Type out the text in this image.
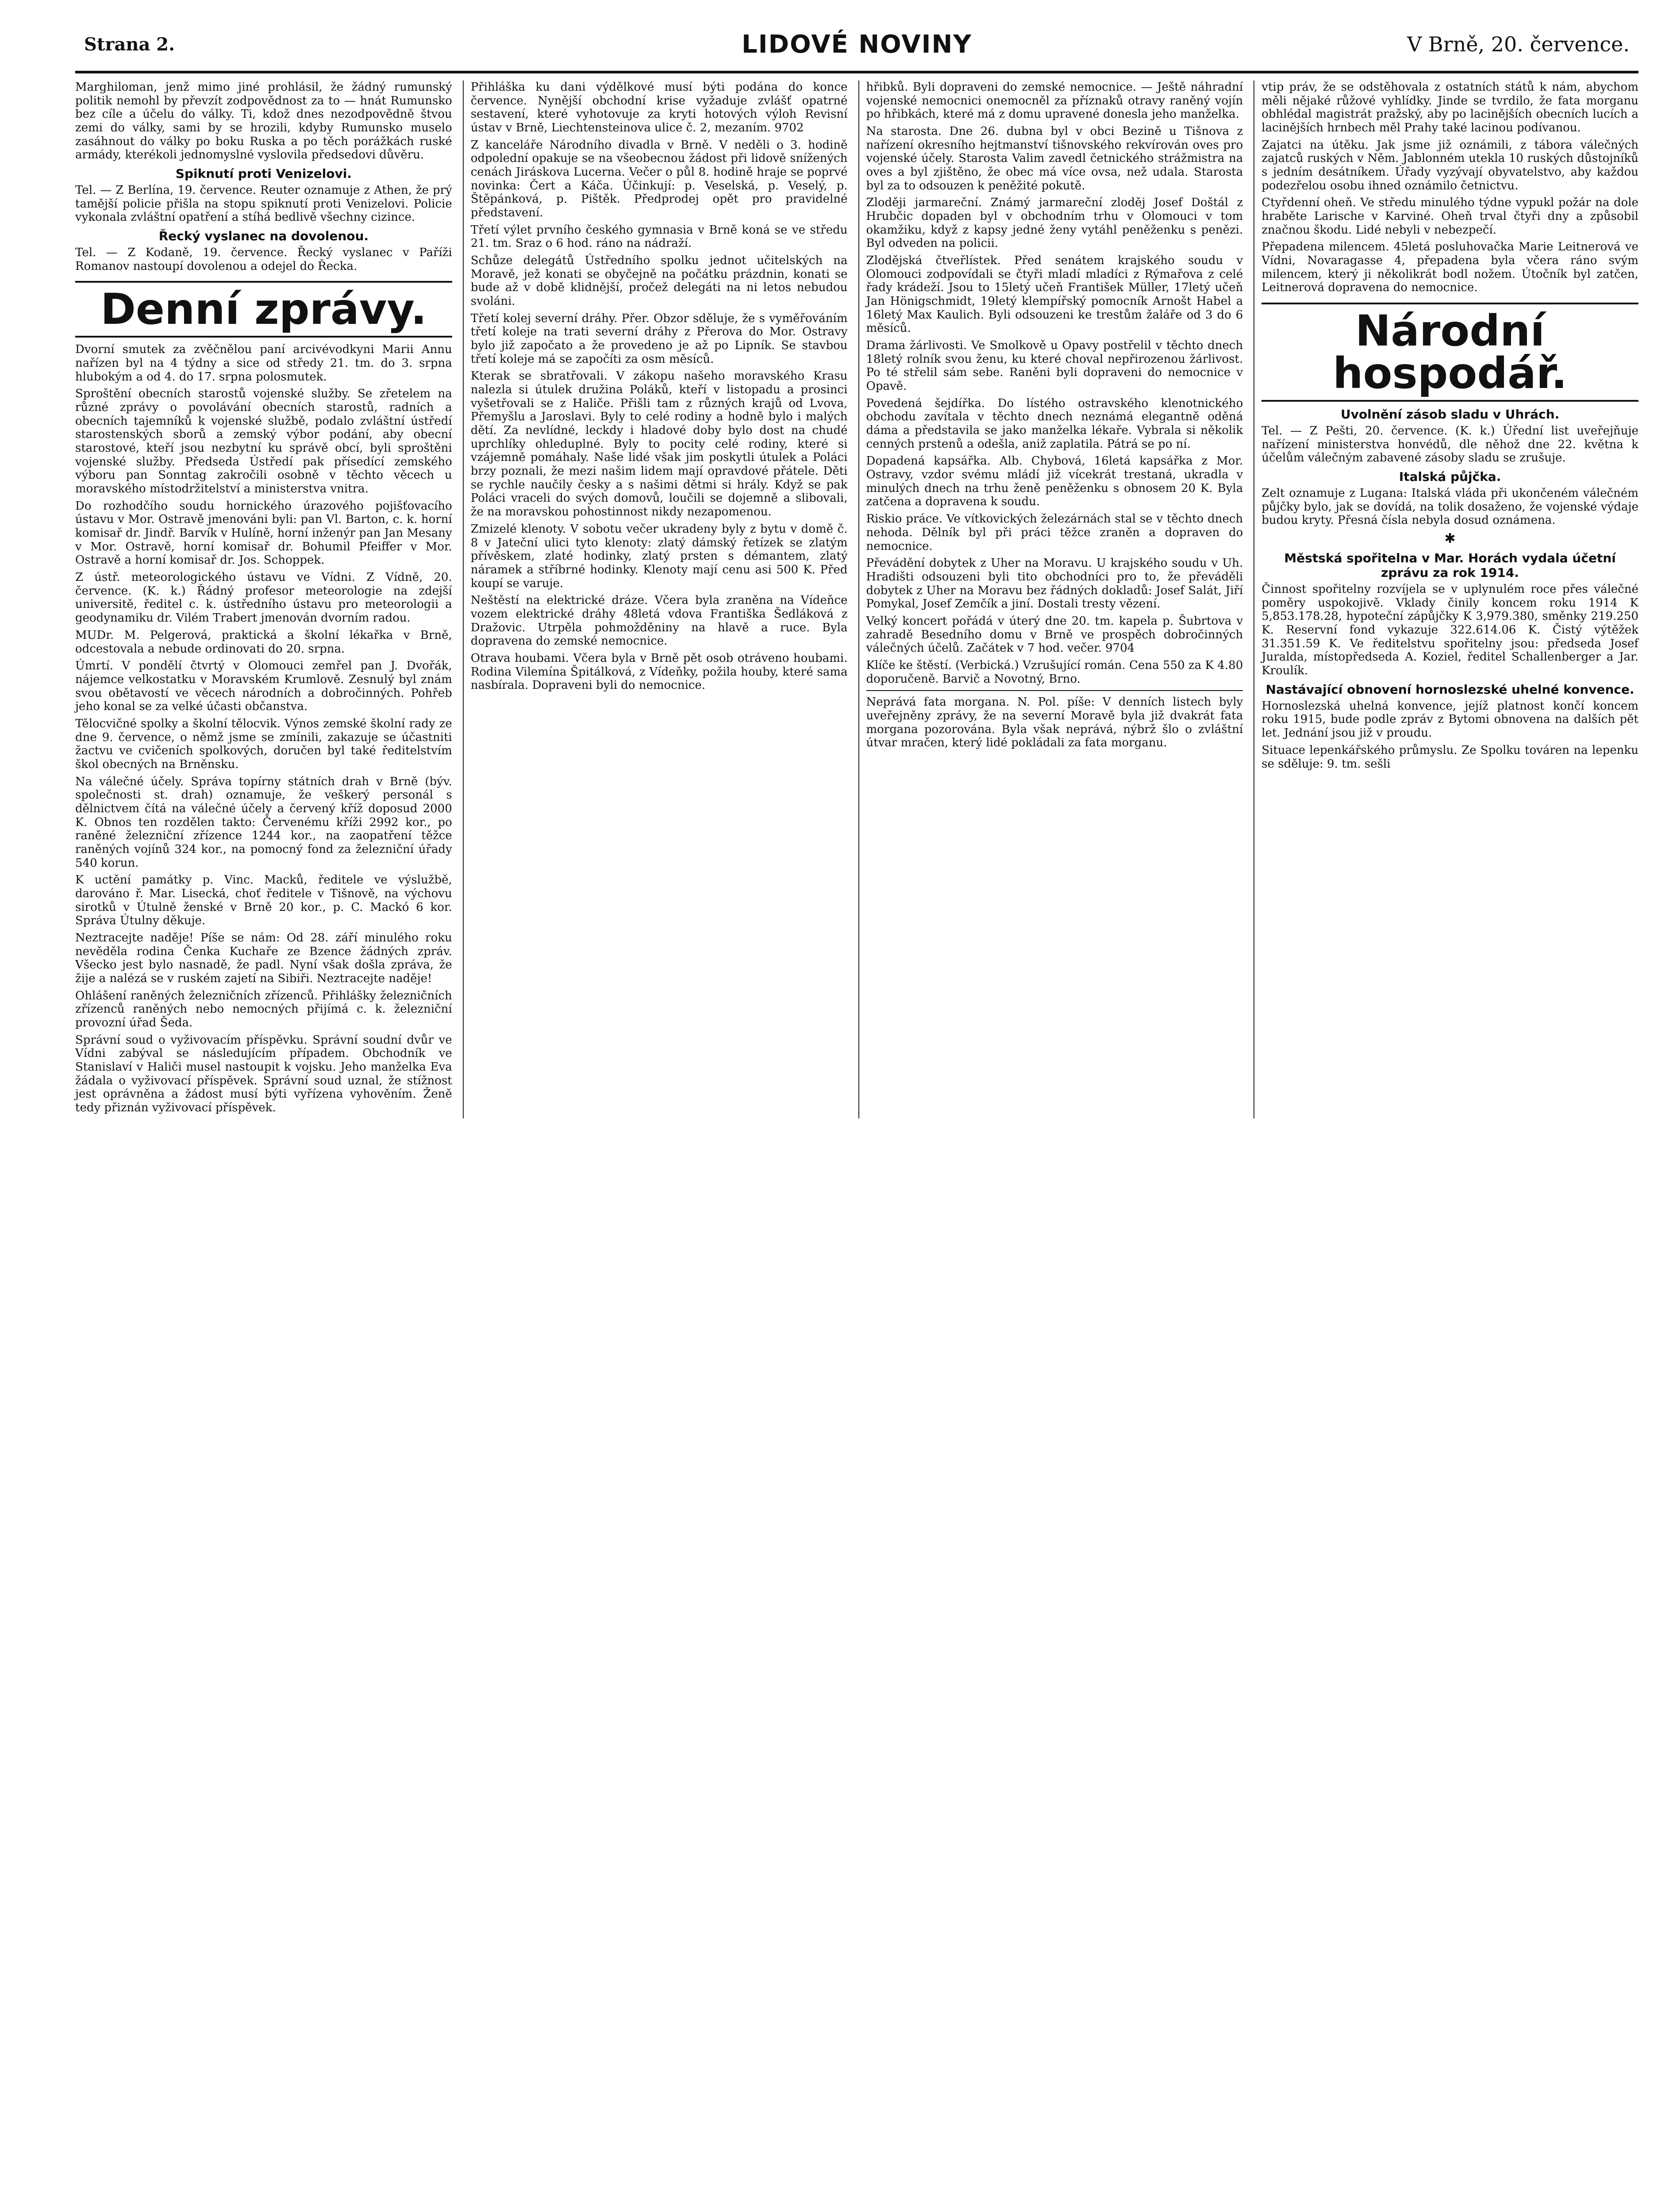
Strana 2.	LIDOVÉ NOVINY	V Brně, 20. července.

Marghiloman, jenž mimo jiné prohlásil, že žádný rumunský politik nemohl by převzít zodpovědnost za to — hnát Rumunsko bez cíle a účelu do války. Ti, kdož dnes nezodpovědně štvou zemi do války, sami by se hrozili, kdyby Rumunsko muselo zasáhnout do války po boku Ruska a po těch porážkách ruské armády, kterékoli jednomyslné vyslovila předsedovi důvěru.

Spiknutí proti Venizelovi.

Tel. — Z Berlína, 19. července. Reuter oznamuje z Athen, že prý tamější policie přišla na stopu spiknutí proti Venizelovi. Policie vykonala zvláštní opatření a stíhá bedlivě všechny cizince.

Řecký vyslanec na dovolenou.

Tel. — Z Kodaně, 19. července. Řecký vyslanec v Paříži Romanov nastoupí dovolenou a odejel do Řecka.

Denní zprávy.

Dvorní smutek za zvěčnělou paní arcivévodkyni Marii Annu nařízen byl na 4 týdny a sice od středy 21. tm. do 3. srpna hlubokým a od 4. do 17. srpna polosmutek.

Sproštění obecních starostů vojenské služby. Se zřetelem na různé zprávy o povolávání obecních starostů, radních a obecních tajemníků k vojenské službě, podalo zvláštní ústředí starostenských sborů a zemský výbor podání, aby obecní starostové, kteří jsou nezbytní ku správě obcí, byli sproštěni vojenské služby. Předseda Ústředí pak přísedící zemského výboru pan Sonntag zakročili osobně v těchto věcech u moravského místodržitelství a ministerstva vnitra.

Do rozhodčího soudu hornického úrazového pojišťovacího ústavu v Mor. Ostravě jmenováni byli: pan Vl. Barton, c. k. horní komisař dr. Jindř. Barvík v Hulíně, horní inženýr pan Jan Mesany v Mor. Ostravě, horní komisař dr. Bohumil Pfeiffer v Mor. Ostravě a horní komisař dr. Jos. Schoppek.

Z ústř. meteorologického ústavu ve Vídni. Z Vídně, 20. července. (K. k.) Řádný profesor meteorologie na zdejší universitě, ředitel c. k. ústředního ústavu pro meteorologii a geodynamiku dr. Vilém Trabert jmenován dvorním radou.

MUDr. M. Pelgerová, praktická a školní lékařka v Brně, odcestovala a nebude ordinovati do 20. srpna.

Úmrtí. V pondělí čtvrtý v Olomouci zemřel pan J. Dvořák, nájemce velkostatku v Moravském Krumlově. Zesnulý byl znám svou obětavostí ve věcech národních a dobročinných. Pohřeb jeho konal se za velké účasti občanstva.

Tělocvičné spolky a školní tělocvik. Výnos zemské školní rady ze dne 9. července, o němž jsme se zmínili, zakazuje se účastniti žactvu ve cvičeních spolkových, doručen byl také ředitelstvím škol obecných na Brněnsku.

Na válečné účely. Správa topírny státních drah v Brně (býv. společnosti st. drah) oznamuje, že veškerý personál s dělnictvem čítá na válečné účely a červený kříž doposud 2000 K. Obnos ten rozdělen takto: Červenému kříži 2992 kor., po raněné železniční zřízence 1244 kor., na zaopatření těžce raněných vojínů 324 kor., na pomocný fond za železniční úřady 540 korun.

K uctění památky p. Vinc. Macků, ředitele ve výslužbě, darováno ř. Mar. Lisecká, choť ředitele v Tišnově, na výchovu sirotků v Útulně ženské v Brně 20 kor., p. C. Mackó 6 kor. Správa Útulny děkuje.

Neztracejte naděje! Píše se nám: Od 28. září minulého roku nevěděla rodina Čenka Kuchaře ze Bzence žádných zpráv. Všecko jest bylo nasnadě, že padl. Nyní však došla zpráva, že žije a nalézá se v ruském zajetí na Sibiři. Neztracejte naděje!

Ohlášení raněných železničních zřízenců. Přihlášky železničních zřízenců raněných nebo nemocných přijímá c. k. železniční provozní úřad Šeda.

Správní soud o vyživovacím příspěvku. Správní soudní dvůr ve Vídni zabýval se následujícím případem. Obchodník ve Stanislaví v Haliči musel nastoupit k vojsku. Jeho manželka Eva žádala o vyživovací příspěvek. Správní soud uznal, že stížnost jest oprávněna a žádost musí býti vyřízena vyhověním. Ženě tedy přiznán vyživovací příspěvek.

Přihláška ku dani výdělkové musí býti podána do konce července. Nynější obchodní krise vyžaduje zvlášť opatrné sestavení, které vyhotovuje za kryti hotových výloh Revisní ústav v Brně, Liechtensteinova ulice č. 2, mezaním. 9702

Z kanceláře Národního divadla v Brně. V neděli o 3. hodině odpolední opakuje se na všeobecnou žádost při lidově snížených cenách Jiráskova Lucerna. Večer o půl 8. hodině hraje se poprvé novinka: Čert a Káča. Účinkují: p. Veselská, p. Veselý, p. Štěpánková, p. Pištěk. Předprodej opět pro pravidelné představení.

Třetí výlet prvního českého gymnasia v Brně koná se ve středu 21. tm. Sraz o 6 hod. ráno na nádraží.

Schůze delegátů Ústředního spolku jednot učitelských na Moravě, jež konati se obyčejně na počátku prázdnin, konati se bude až v době klidnější, pročež delegáti na ni letos nebudou svoláni.

Třetí kolej severní dráhy. Přer. Obzor sděluje, že s vyměřováním třetí koleje na trati severní dráhy z Přerova do Mor. Ostravy bylo již započato a že provedeno je až po Lipník. Se stavbou třetí koleje má se započíti za osm měsíců.

Kterak se sbratřovali. V zákopu našeho moravského Krasu nalezla si útulek družina Poláků, kteří v listopadu a prosinci vyšetřovali se z Haliče. Přišli tam z různých krajů od Lvova, Přemyšlu a Jaroslavi. Byly to celé rodiny a hodně bylo i malých dětí. Za nevlídné, leckdy i hladové doby bylo dost na chudé uprchlíky ohleduplné. Byly to pocity celé rodiny, které si vzájemně pomáhaly. Naše lidé však jim poskytli útulek a Poláci brzy poznali, že mezi našim lidem mají opravdové přátele. Děti se rychle naučily česky a s našimi dětmi si hrály. Když se pak Poláci vraceli do svých domovů, loučili se dojemně a slibovali, že na moravskou pohostinnost nikdy nezapomenou.

Zmizelé klenoty. V sobotu večer ukradeny byly z bytu v domě č. 8 v Jateční ulici tyto klenoty: zlatý dámský řetízek se zlatým přívěskem, zlaté hodinky, zlatý prsten s démantem, zlatý náramek a stříbrné hodinky. Klenoty mají cenu asi 500 K. Před koupí se varuje.

Neštěstí na elektrické dráze. Včera byla zraněna na Vídeňce vozem elektrické dráhy 48letá vdova Františka Šedláková z Dražovic. Utrpěla pohmožděniny na hlavě a ruce. Byla dopravena do zemské nemocnice.

Otrava houbami. Včera byla v Brně pět osob otráveno houbami. Rodina Vilemína Špitálková, z Vídeňky, požila houby, které sama nasbírala. Dopraveni byli do nemocnice.

hřibků. Byli dopraveni do zemské nemocnice. — Ještě náhradní vojenské nemocnici onemocněl za příznaků otravy raněný vojín po hřibkách, které má z domu upravené donesla jeho manželka.

Na starosta. Dne 26. dubna byl v obci Bezině u Tišnova z nařízení okresního hejtmanství tišnovského rekvírován oves pro vojenské účely. Starosta Valim zavedl četnického strážmistra na oves a byl zjištěno, že obec má více ovsa, než udala. Starosta byl za to odsouzen k peněžité pokutě.

Zloději jarmareční. Známý jarmareční zloděj Josef Doštál z Hrubčic dopaden byl v obchodním trhu v Olomouci v tom okamžiku, když z kapsy jedné ženy vytáhl peněženku s penězi. Byl odveden na policii.

Zlodějská čtveřlístek. Před senátem krajského soudu v Olomouci zodpovídali se čtyři mladí mladíci z Rýmařova z celé řady krádeží. Jsou to 15letý učeň František Müller, 17letý učeň Jan Hönigschmidt, 19letý klempířský pomocník Arnošt Habel a 16letý Max Kaulich. Byli odsouzeni ke trestům žaláře od 3 do 6 měsíců.

Drama žárlivosti. Ve Smolkově u Opavy postřelil v těchto dnech 18letý rolník svou ženu, ku které choval nepřirozenou žárlivost. Po té střelil sám sebe. Raněni byli dopraveni do nemocnice v Opavě.

Povedená šejdířka. Do lístého ostravského klenotnického obchodu zavítala v těchto dnech neznámá elegantně oděná dáma a představila se jako manželka lékaře. Vybrala si několik cenných prstenů a odešla, aniž zaplatila. Pátrá se po ní.

Dopadená kapsářka. Alb. Chybová, 16letá kapsářka z Mor. Ostravy, vzdor svému mládí již vícekrát trestaná, ukradla v minulých dnech na trhu ženě peněženku s obnosem 20 K. Byla zatčena a dopravena k soudu.

Riskio práce. Ve vítkovických železárnách stal se v těchto dnech nehoda. Dělník byl při práci těžce zraněn a dopraven do nemocnice.

Převádění dobytek z Uher na Moravu. U krajského soudu v Uh. Hradišti odsouzeni byli tito obchodníci pro to, že převáděli dobytek z Uher na Moravu bez řádných dokladů: Josef Salát, Jiří Pomykal, Josef Zemčík a jiní. Dostali tresty vězení.

Velký koncert pořádá v úterý dne 20. tm. kapela p. Šubrtova v zahradě Besedního domu v Brně ve prospěch dobročinných válečných účelů. Začátek v 7 hod. večer. 9704

Klíče ke štěstí. (Verbická.) Vzrušující román. Cena 550 za K 4.80 doporučeně. Barvič a Novotný, Brno.

Neprává fata morgana. N. Pol. píše: V denních listech byly uveřejněny zprávy, že na severní Moravě byla již dvakrát fata morgana pozorována. Byla však neprává, nýbrž šlo o zvláštní útvar mračen, který lidé pokládali za fata morganu.

vtip práv, že se odstěhovala z ostatních států k nám, abychom měli nějaké růžové vyhlídky. Jinde se tvrdilo, že fata morganu obhlédal magistrát pražský, aby po lacinějších obecních lucích a lacinějších hrnbech měl Prahy také lacinou podívanou.

Zajatci na útěku. Jak jsme již oznámili, z tábora válečných zajatců ruských v Něm. Jablonném utekla 10 ruských důstojníků s jedním desátníkem. Úřady vyzývají obyvatelstvo, aby každou podezřelou osobu ihned oznámilo četnictvu.

Ctyřdenní oheň. Ve středu minulého týdne vypukl požár na dole hraběte Larische v Karviné. Oheň trval čtyři dny a způsobil značnou škodu. Lidé nebyli v nebezpečí.

Přepadena milencem. 45letá posluhovačka Marie Leitnerová ve Vídni, Novaragasse 4, přepadena byla včera ráno svým milencem, který ji několikrát bodl nožem. Útočník byl zatčen, Leitnerová dopravena do nemocnice.

Národní hospodář.
Uvolnění zásob sladu v Uhrách.

Tel. — Z Pešti, 20. července. (K. k.) Úřední list uveřejňuje nařízení ministerstva honvédů, dle něhož dne 22. května k účelům válečným zabavené zásoby sladu se zrušuje.

Italská půjčka.

Zelt oznamuje z Lugana: Italská vláda při ukončeném válečném půjčky bylo, jak se dovídá, na tolik dosaženo, že vojenské výdaje budou kryty. Přesná čísla nebyla dosud oznámena.

✱
Městská spořitelna v Mar. Horách vydala účetní zprávu za rok 1914.

Činnost spořitelny rozvíjela se v uplynulém roce přes válečné poměry uspokojivě. Vklady činily koncem roku 1914 K 5,853.178.28, hypoteční zápůjčky K 3,979.380, směnky 219.250 K. Reservní fond vykazuje 322.614.06 K. Čistý výtěžek 31.351.59 K. Ve ředitelstvu spořitelny jsou: předseda Josef Juralda, místopředseda A. Koziel, ředitel Schallenberger a Jar. Kroulík.

Nastávající obnovení hornoslezské uhelné konvence.

Hornoslezská uhelná konvence, jejíž platnost končí koncem roku 1915, bude podle zpráv z Bytomi obnovena na dalších pět let. Jednání jsou již v proudu.

Situace lepenkářského průmyslu. Ze Spolku továren na lepenku se sděluje: 9. tm. sešli
